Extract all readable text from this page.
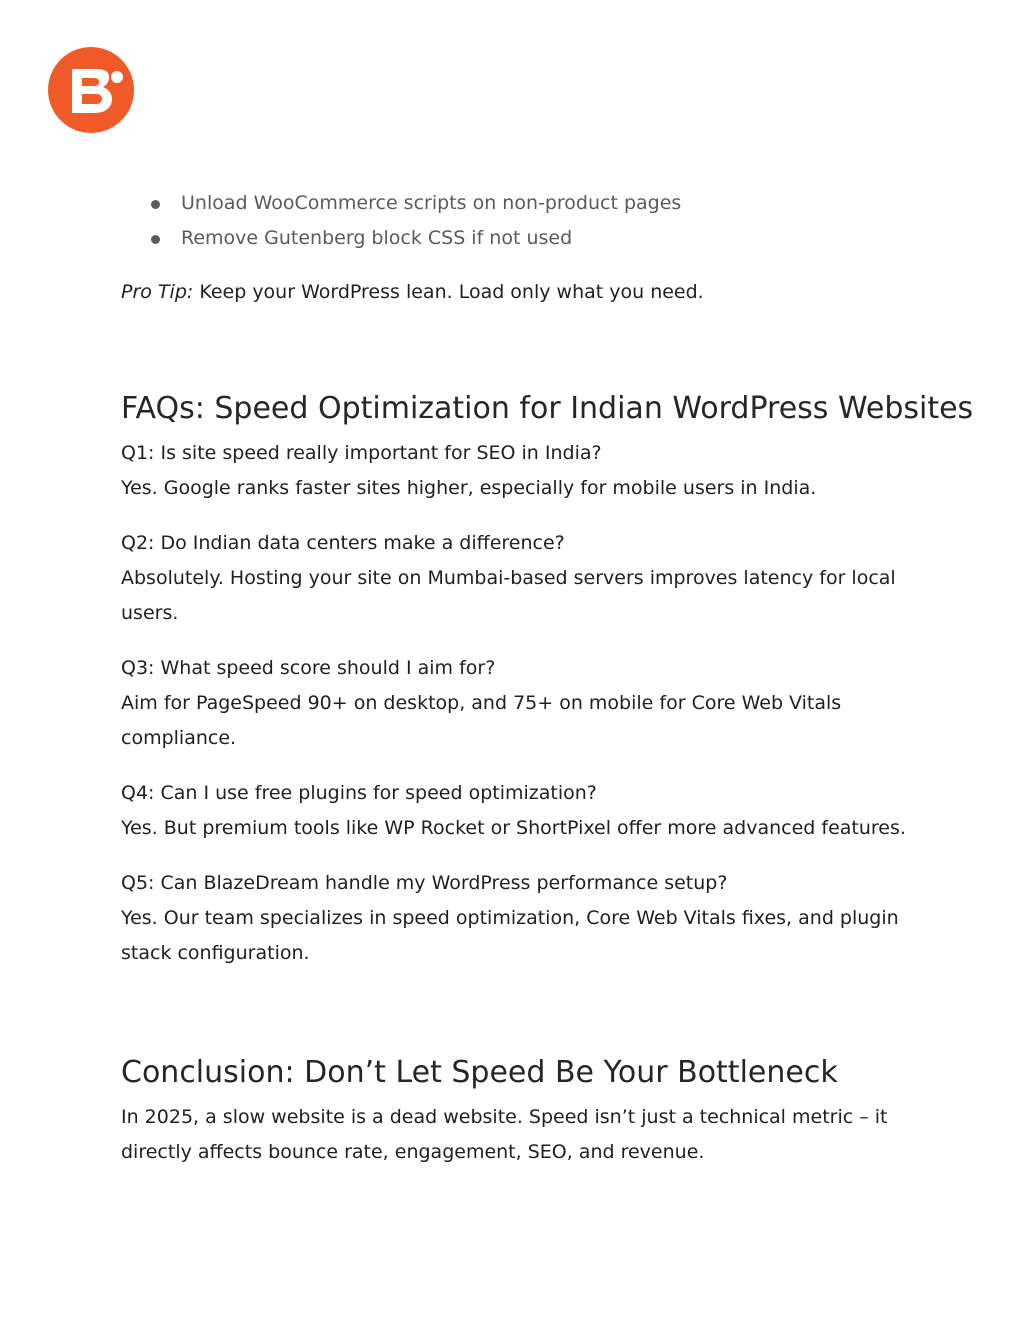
Unload WooCommerce scripts on non-product pages
Remove Gutenberg block CSS if not used

Pro Tip: Keep your WordPress lean. Load only what you need.

FAQs: Speed Optimization for Indian WordPress Websites

Q1: Is site speed really important for SEO in India?

Yes. Google ranks faster sites higher, especially for mobile users in India.

Q2: Do Indian data centers make a difference?

Absolutely. Hosting your site on Mumbai-based servers improves latency for local users.

Q3: What speed score should I aim for?

Aim for PageSpeed 90+ on desktop, and 75+ on mobile for Core Web Vitals compliance.

Q4: Can I use free plugins for speed optimization?

Yes. But premium tools like WP Rocket or ShortPixel offer more advanced features.

Q5: Can BlazeDream handle my WordPress performance setup?

Yes. Our team specializes in speed optimization, Core Web Vitals fixes, and plugin stack configuration.

Conclusion: Don’t Let Speed Be Your Bottleneck

In 2025, a slow website is a dead website. Speed isn’t just a technical metric – it directly affects bounce rate, engagement, SEO, and revenue.
